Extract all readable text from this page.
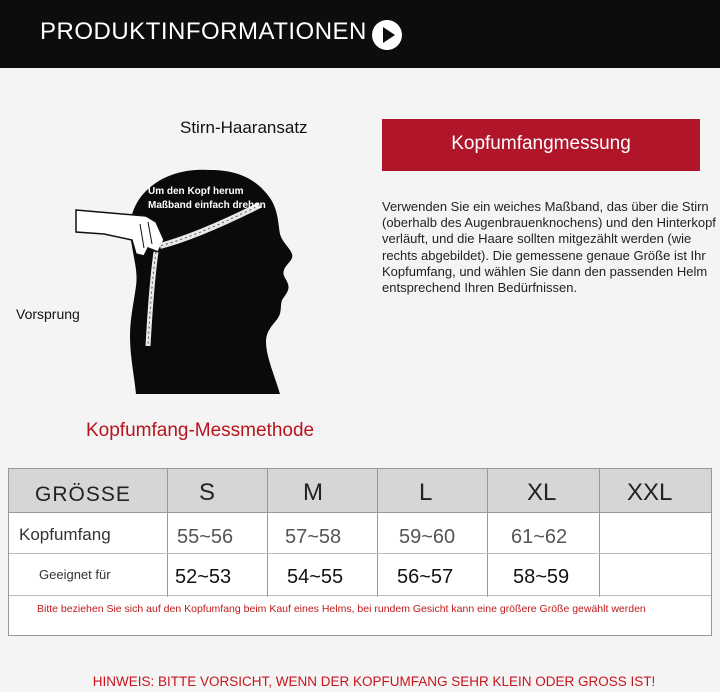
PRODUKTINFORMATIONEN
Stirn-Haaransatz
Um den Kopf herum
Maßband einfach drehen
Vorsprung
Kopfumfang-Messmethode
Kopfumfangmessung

Verwenden Sie ein weiches Maßband, das über die Stirn (oberhalb des Augenbrauenknochens) und den Hinterkopf verläuft, und die Haare sollten mitgezählt werden (wie rechts abgebildet). Die gemessene genaue Größe ist Ihr Kopfumfang, und wählen Sie dann den passenden Helm entsprechend Ihren Bedürfnissen.

GRÖSSE	S	M	L	XL	XXL
Kopfumfang	55~56	57~58	59~60	61~62
Geeignet für	52~53	54~55	56~57	58~59
Bitte beziehen Sie sich auf den Kopfumfang beim Kauf eines Helms, bei rundem Gesicht kann eine größere Größe gewählt werden
HINWEIS: BITTE VORSICHT, WENN DER KOPFUMFANG SEHR KLEIN ODER GROSS IST!
